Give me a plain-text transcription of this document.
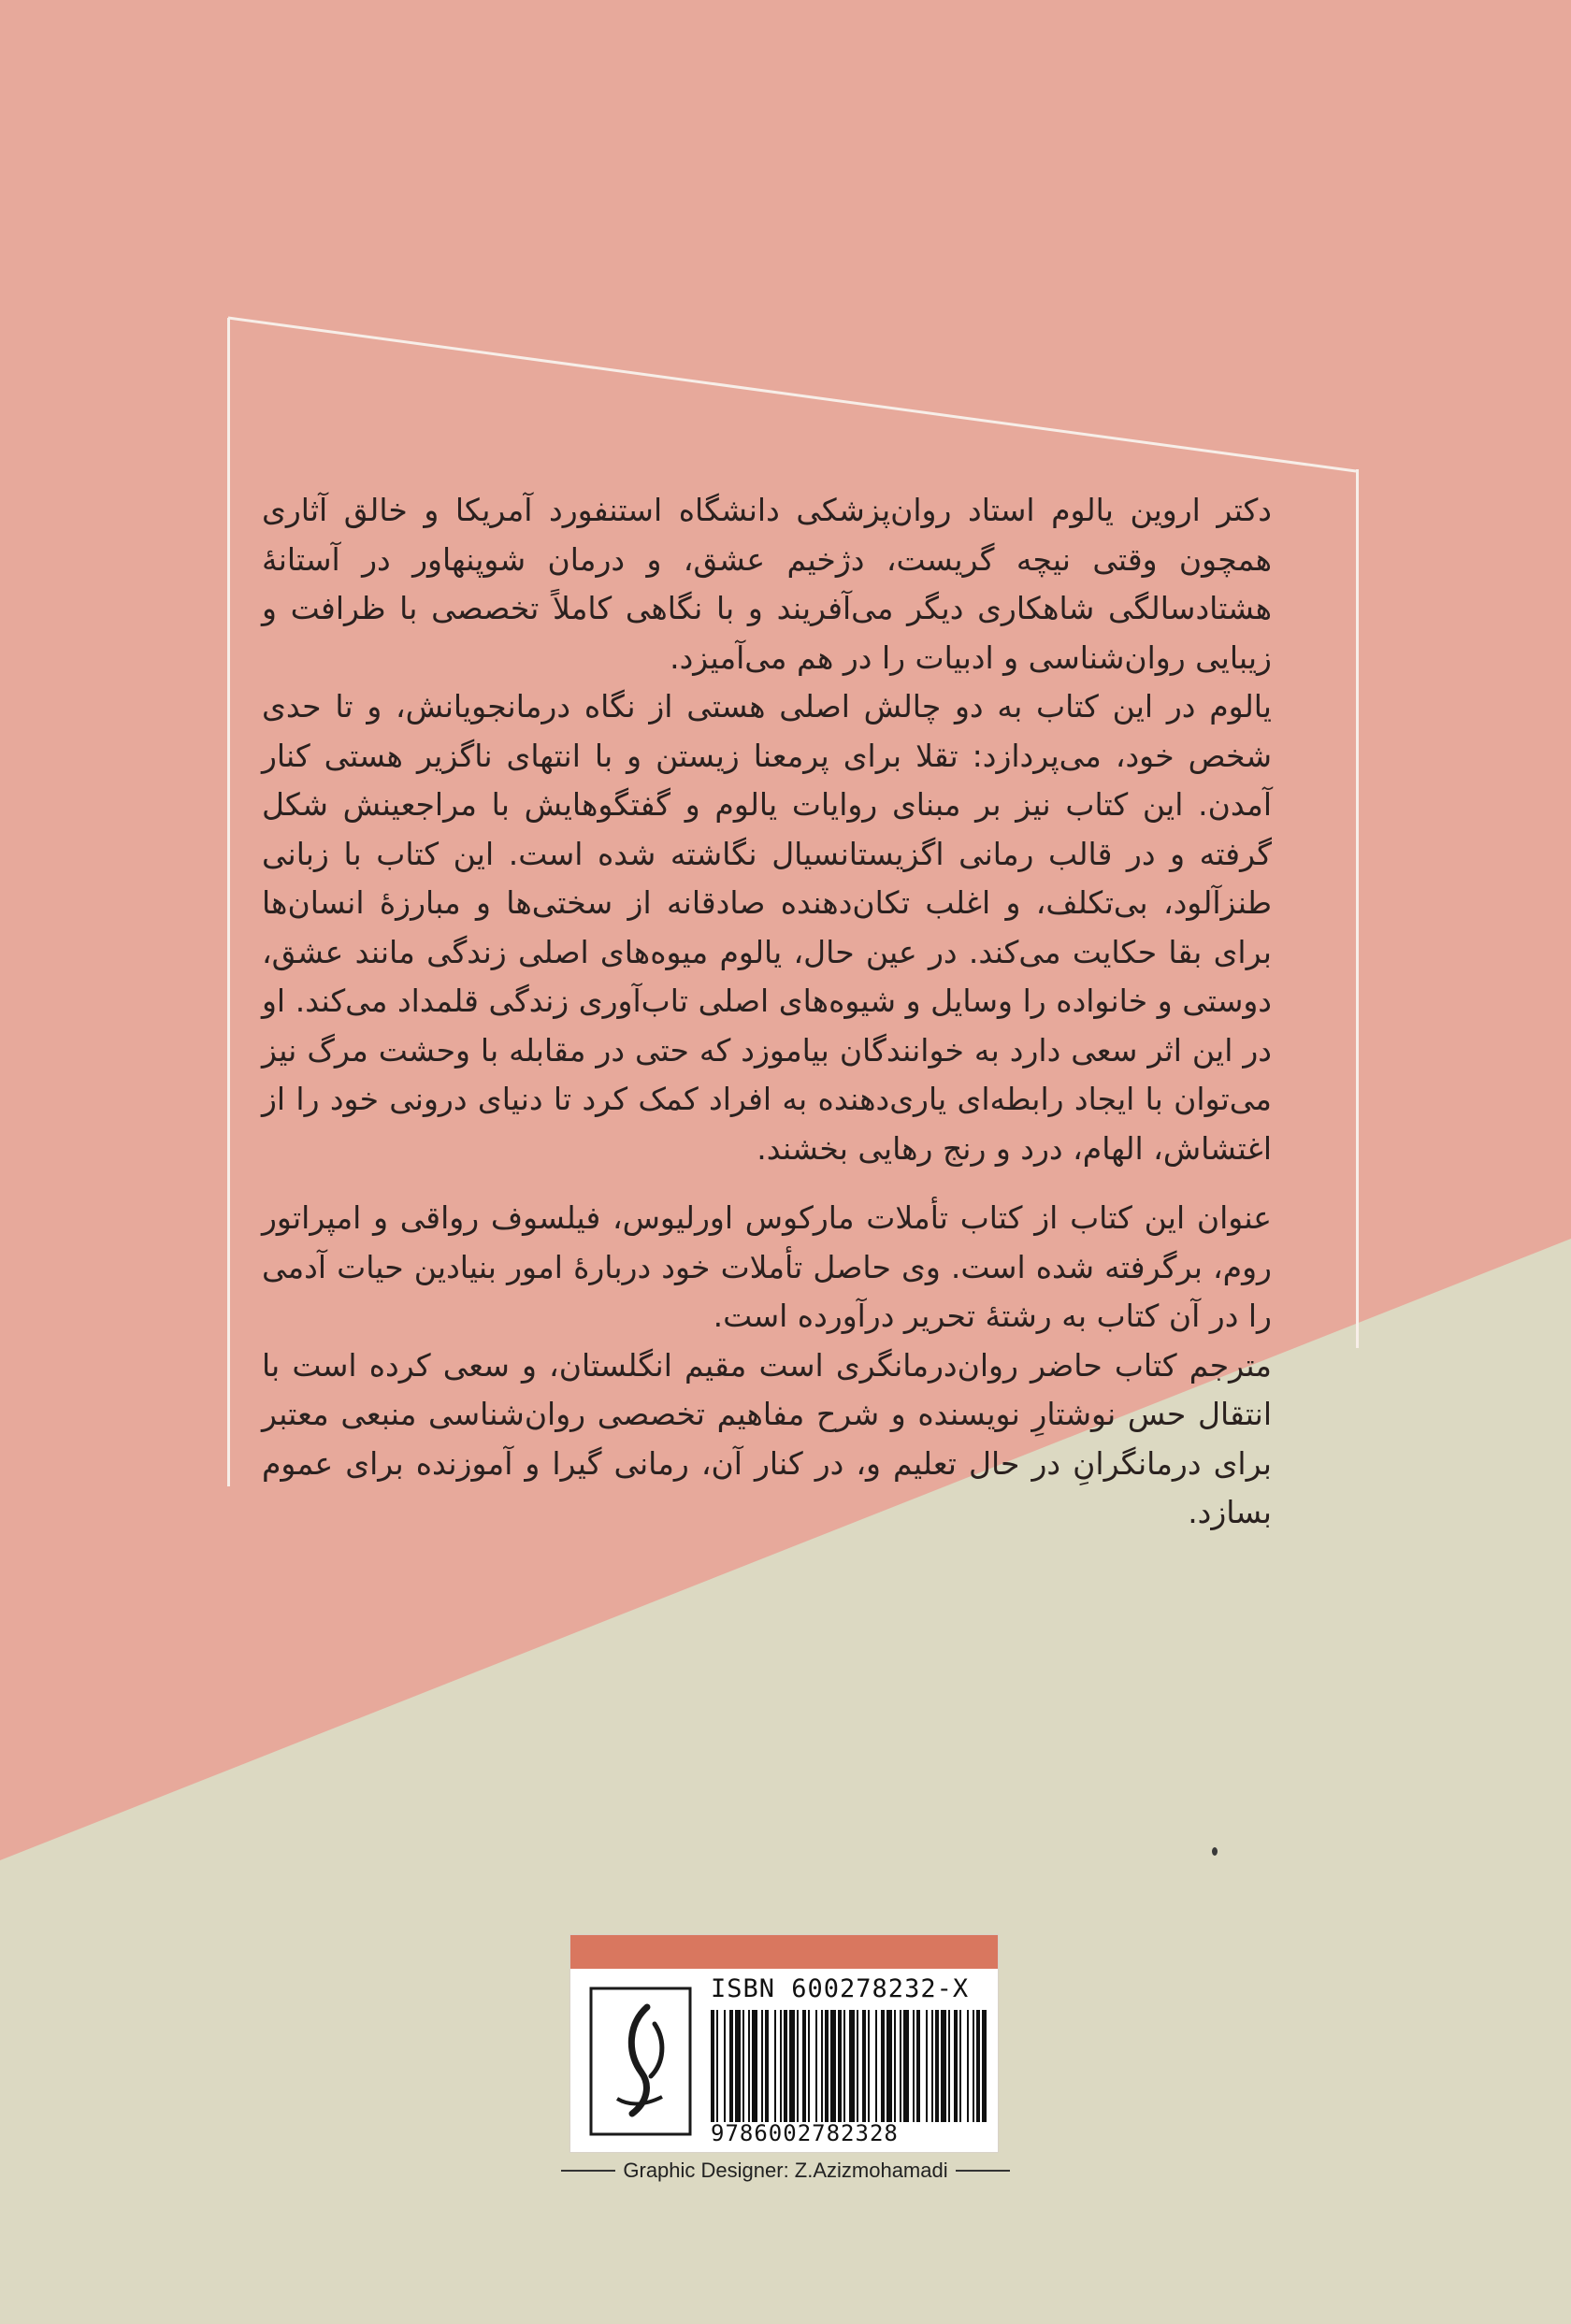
دکتر اروین یالوم استاد روان‌پزشکی دانشگاه استنفورد آمریکا و خالق آثاری همچون وقتی نیچه گریست، دژخیم عشق، و درمان شوپنهاور در آستانهٔ هشتادسالگی شاهکاری دیگر می‌آفریند و با نگاهی کاملاً تخصصی با ظرافت و زیبایی روان‌شناسی و ادبیات را در هم می‌آمیزد.

یالوم در این کتاب به دو چالش اصلی هستی از نگاه درمانجویانش، و تا حدی شخص خود، می‌پردازد: تقلا برای پرمعنا زیستن و با انتهای ناگزیر هستی کنار آمدن. این کتاب نیز بر مبنای روایات یالوم و گفتگوهایش با مراجعینش شکل گرفته و در قالب رمانی اگزیستانسیال نگاشته شده است. این کتاب با زبانی طنزآلود، بی‌تکلف، و اغلب تکان‌دهنده صادقانه از سختی‌ها و مبارزهٔ انسان‌ها برای بقا حکایت می‌کند. در عین حال، یالوم میوه‌های اصلی زندگی مانند عشق، دوستی و خانواده را وسایل و شیوه‌های اصلی تاب‌آوری زندگی قلمداد می‌کند. او در این اثر سعی دارد به خوانندگان بیاموزد که حتی در مقابله با وحشت مرگ نیز می‌توان با ایجاد رابطه‌ای یاری‌دهنده به افراد کمک کرد تا دنیای درونی خود را از اغتشاش، الهام، درد و رنج رهایی بخشند.

عنوان این کتاب از کتاب تأملات مارکوس اورلیوس، فیلسوف رواقی و امپراتور روم، برگرفته شده است. وی حاصل تأملات خود دربارهٔ امور بنیادین حیات آدمی را در آن کتاب به رشتهٔ تحریر درآورده است.

مترجم کتاب حاضر روان‌درمانگری است مقیم انگلستان، و سعی کرده است با انتقال حس نوشتارِ نویسنده و شرح مفاهیم تخصصی روان‌شناسی منبعی معتبر برای درمانگرانِ در حال تعلیم و، در کنار آن، رمانی گیرا و آموزنده برای عموم بسازد.

ISBN 600278232-X
9786002782328
Graphic Designer: Z.Azizmohamadi
